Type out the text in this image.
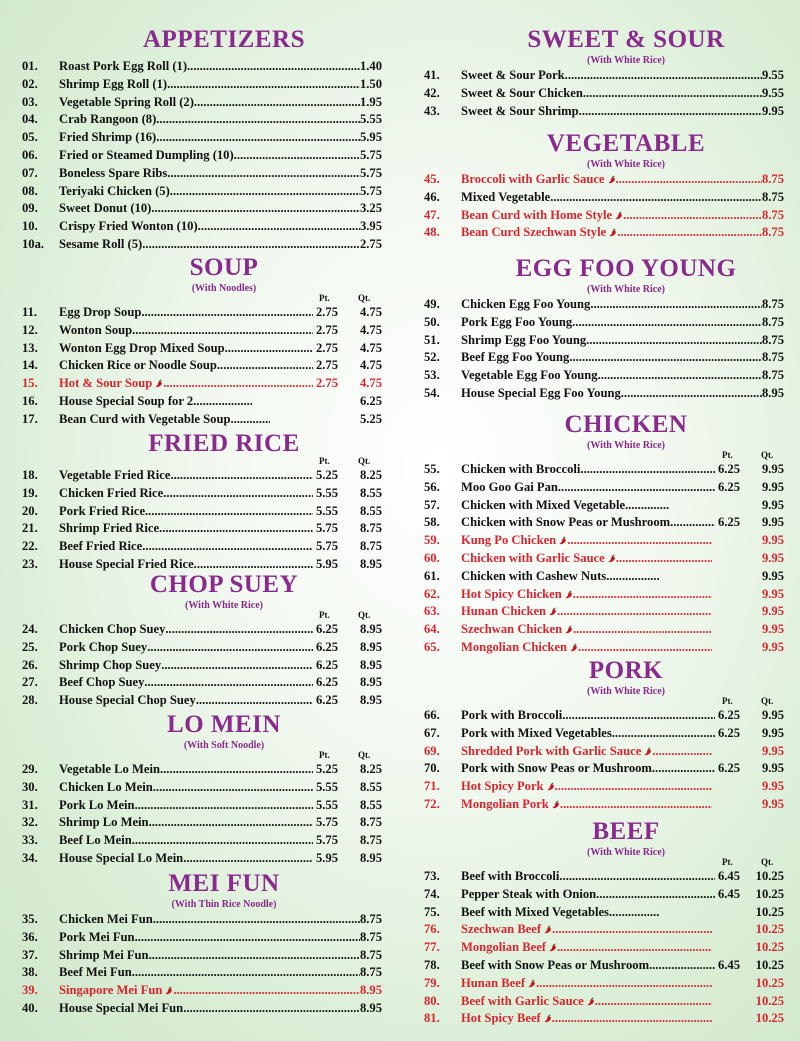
APPETIZERS
01.	Roast Pork Egg Roll (1) .....	1.40
02.	Shrimp Egg Roll (1) .....	1.50
03.	Vegetable Spring Roll (2) .....	1.95
04.	Crab Rangoon (8) .....	5.55
05.	Fried Shrimp (16) .....	5.95
06.	Fried or Steamed Dumpling (10) .....	5.75
07.	Boneless Spare Ribs .....	5.75
08.	Teriyaki Chicken (5) .....	5.75
09.	Sweet Donut (10) .....	3.25
10.	Crispy Fried Wonton (10) .....	3.95
10a.	Sesame Roll (5) .....	2.75
SOUP
(With Noodles)
Pt.	Qt.
11.	Egg Drop Soup .....	2.75	4.75
12.	Wonton Soup .....	2.75	4.75
13.	Wonton Egg Drop Mixed Soup .....	2.75	4.75
14.	Chicken Rice or Noodle Soup .....	2.75	4.75
15.	Hot & Sour Soup .....	2.75	4.75
16.	House Special Soup for 2 .....	6.25
17.	Bean Curd with Vegetable Soup .....	5.25
FRIED RICE
Pt.	Qt.
18.	Vegetable Fried Rice .....	5.25	8.25
19.	Chicken Fried Rice .....	5.55	8.55
20.	Pork Fried Rice .....	5.55	8.55
21.	Shrimp Fried Rice .....	5.75	8.75
22.	Beef Fried Rice .....	5.75	8.75
23.	House Special Fried Rice .....	5.95	8.95
CHOP SUEY
(With White Rice)
Pt.	Qt.
24.	Chicken Chop Suey .....	6.25	8.95
25.	Pork Chop Suey .....	6.25	8.95
26.	Shrimp Chop Suey .....	6.25	8.95
27.	Beef Chop Suey .....	6.25	8.95
28.	House Special Chop Suey .....	6.25	8.95
LO MEIN
(With Soft Noodle)
Pt.	Qt.
29.	Vegetable Lo Mein .....	5.25	8.25
30.	Chicken Lo Mein .....	5.55	8.55
31.	Pork Lo Mein .....	5.55	8.55
32.	Shrimp Lo Mein .....	5.75	8.75
33.	Beef Lo Mein .....	5.75	8.75
34.	House Special Lo Mein .....	5.95	8.95
MEI FUN
(With Thin Rice Noodle)
35.	Chicken Mei Fun .....	8.75
36.	Pork Mei Fun .....	8.75
37.	Shrimp Mei Fun .....	8.75
38.	Beef Mei Fun .....	8.75
39.	Singapore Mei Fun .....	8.95
40.	House Special Mei Fun .....	8.95
SWEET & SOUR
(With White Rice)
41.	Sweet & Sour Pork .....	9.55
42.	Sweet & Sour Chicken .....	9.55
43.	Sweet & Sour Shrimp .....	9.95
VEGETABLE
(With White Rice)
45.	Broccoli with Garlic Sauce .....	8.75
46.	Mixed Vegetable .....	8.75
47.	Bean Curd with Home Style .....	8.75
48.	Bean Curd Szechwan Style .....	8.75
EGG FOO YOUNG
(With White Rice)
49.	Chicken Egg Foo Young .....	8.75
50.	Pork Egg Foo Young .....	8.75
51.	Shrimp Egg Foo Young .....	8.75
52.	Beef Egg Foo Young .....	8.75
53.	Vegetable Egg Foo Young .....	8.75
54.	House Special Egg Foo Young .....	8.95
CHICKEN
(With White Rice)
Pt.	Qt.
55.	Chicken with Broccoli .....	6.25	9.95
56.	Moo Goo Gai Pan .....	6.25	9.95
57.	Chicken with Mixed Vegetable .....	9.95
58.	Chicken with Snow Peas or Mushroom .....	6.25	9.95
59.	Kung Po Chicken .....	9.95
60.	Chicken with Garlic Sauce .....	9.95
61.	Chicken with Cashew Nuts .....	9.95
62.	Hot Spicy Chicken .....	9.95
63.	Hunan Chicken .....	9.95
64.	Szechwan Chicken .....	9.95
65.	Mongolian Chicken .....	9.95
PORK
(With White Rice)
Pt.	Qt.
66.	Pork with Broccoli .....	6.25	9.95
67.	Pork with Mixed Vegetables .....	6.25	9.95
69.	Shredded Pork with Garlic Sauce .....	9.95
70.	Pork with Snow Peas or Mushroom .....	6.25	9.95
71.	Hot Spicy Pork .....	9.95
72.	Mongolian Pork .....	9.95
BEEF
(With White Rice)
Pt.	Qt.
73.	Beef with Broccoli .....	6.45	10.25
74.	Pepper Steak with Onion .....	6.45	10.25
75.	Beef with Mixed Vegetables .....	10.25
76.	Szechwan Beef .....	10.25
77.	Mongolian Beef .....	10.25
78.	Beef with Snow Peas or Mushroom .....	6.45	10.25
79.	Hunan Beef .....	10.25
80.	Beef with Garlic Sauce .....	10.25
81.	Hot Spicy Beef .....	10.25
